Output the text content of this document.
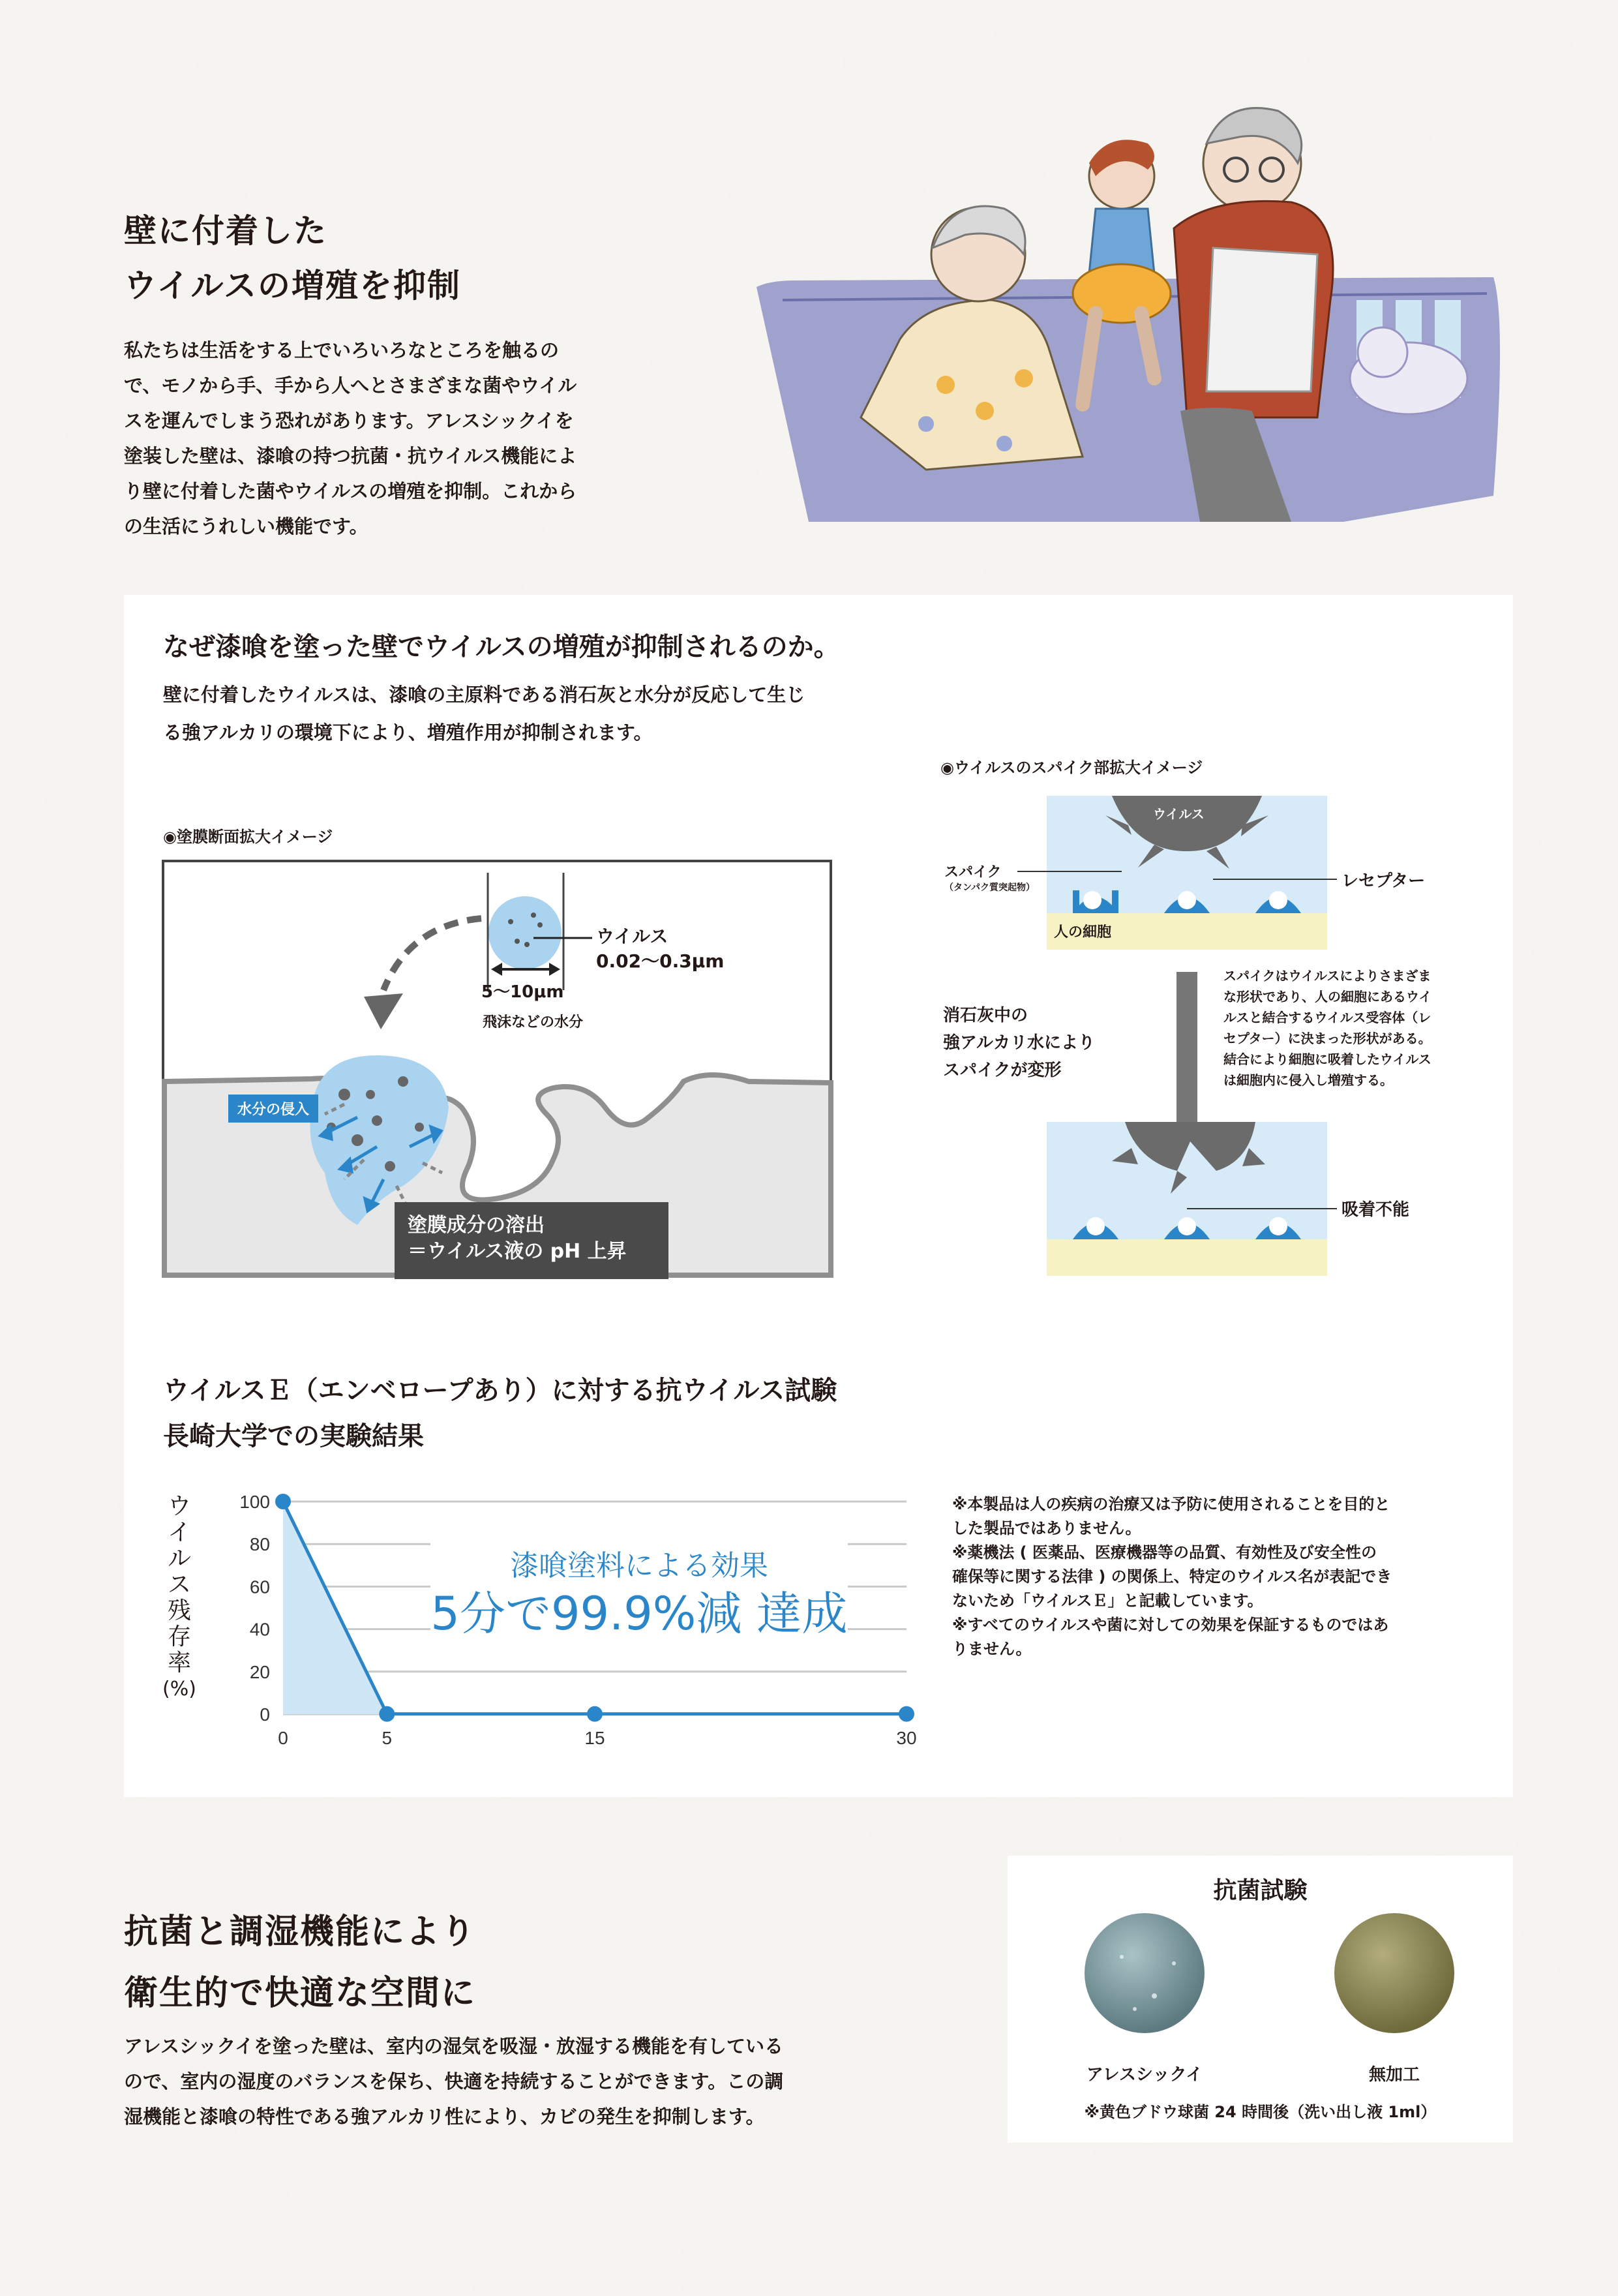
壁に付着した
ウイルスの増殖を抑制
私たちは生活をする上でいろいろなところを触るの
で、モノから手、手から人へとさまざまな菌やウイル
スを運んでしまう恐れがあります。アレスシックイを
塗装した壁は、漆喰の持つ抗菌・抗ウイルス機能によ
り壁に付着した菌やウイルスの増殖を抑制。これから
の生活にうれしい機能です。
なぜ漆喰を塗った壁でウイルスの増殖が抑制されるのか。
壁に付着したウイルスは、漆喰の主原料である消石灰と水分が反応して生じ
る強アルカリの環境下により、増殖作用が抑制されます。
◉塗膜断面拡大イメージ
ウイルス
0.02〜0.3μm
5〜10μm
飛沫などの水分
水分の侵入
塗膜成分の溶出
＝ウイルス液の pH 上昇
◉ウイルスのスパイク部拡大イメージ
ウイルス
スパイク
（タンパク質突起物）	レセプター
人の細胞
消石灰中の
強アルカリ水により
スパイクが変形
スパイクはウイルスによりさまざま
な形状であり、人の細胞にあるウイ
ルスと結合するウイルス受容体（レ
セプター）に決まった形状がある。
結合により細胞に吸着したウイルス
は細胞内に侵入し増殖する。
吸着不能
ウイルスＥ（エンベロープあり）に対する抗ウイルス試験
長崎大学での実験結果
ウ
イ
ル
ス
残
存
率
(%)
0
20
40
60
80
100
0	5	15	30
漆喰塗料による効果
5分で99.9%減 達成
※本製品は人の疾病の治療又は予防に使用されることを目的と
した製品ではありません。
※薬機法 ( 医薬品、医療機器等の品質、有効性及び安全性の
確保等に関する法律 ) の関係上、特定のウイルス名が表記でき
ないため「ウイルスＥ」と記載しています。
※すべてのウイルスや菌に対しての効果を保証するものではあ
りません。
抗菌と調湿機能により
衛生的で快適な空間に
アレスシックイを塗った壁は、室内の湿気を吸湿・放湿する機能を有している
ので、室内の湿度のバランスを保ち、快適を持続することができます。この調
湿機能と漆喰の特性である強アルカリ性により、カビの発生を抑制します。
抗菌試験
アレスシックイ	無加工
※黄色ブドウ球菌 24 時間後（洗い出し液 1ml）
